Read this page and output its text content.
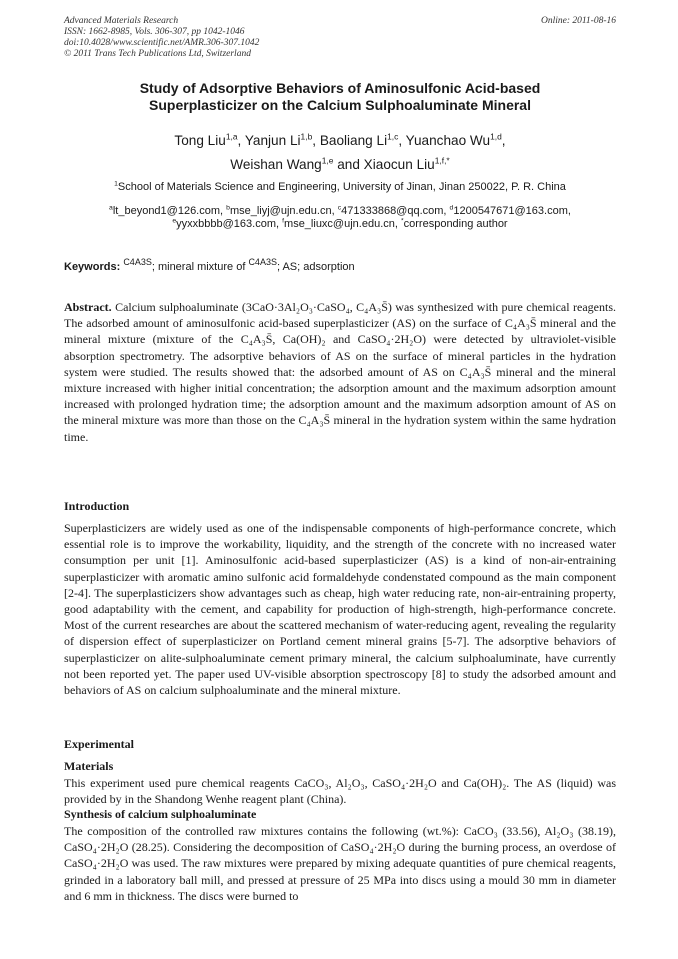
Advanced Materials Research
ISSN: 1662-8985, Vols. 306-307, pp 1042-1046
doi:10.4028/www.scientific.net/AMR.306-307.1042
© 2011 Trans Tech Publications Ltd, Switzerland
Online: 2011-08-16
Study of Adsorptive Behaviors of Aminosulfonic Acid-based
Superplasticizer on the Calcium Sulphoaluminate Mineral
Tong Liu$^{1,a}$, Yanjun Li$^{1,b}$, Baoliang Li$^{1,c}$, Yuanchao Wu$^{1,d}$,
Weishan Wang$^{1,e}$ and Xiaocun Liu$^{1,f,*}$
$^1$School of Materials Science and Engineering, University of Jinan, Jinan 250022, P. R. China
$^a$lt_beyond1@126.com, $^b$mse_liyj@ujn.edu.cn, $^c$471333868@qq.com, $^d$1200547671@163.com,
$^e$yyxxbbbb@163.com, $^f$mse_liuxc@ujn.edu.cn, *corresponding author
Keywords: $^{C4A3S}$; mineral mixture of $^{C4A3S}$; AS; adsorption
Abstract. Calcium sulphoaluminate (3CaO·3Al₂O₃·CaSO₄, C₄A₃S̄) was synthesized with pure chemical reagents. The adsorbed amount of aminosulfonic acid-based superplasticizer (AS) on the surface of C₄A₃S̄ mineral and the mineral mixture (mixture of the C₄A₃S̄, Ca(OH)₂ and CaSO₄·2H₂O) were detected by ultraviolet-visible absorption spectrometry. The adsorptive behaviors of AS on the surface of mineral particles in the hydration system were studied. The results showed that: the adsorbed amount of AS on C₄A₃S̄ mineral and the mineral mixture increased with higher initial concentration; the adsorption amount and the maximum adsorption amount increased with prolonged hydration time; the adsorption amount and the maximum adsorption amount of AS on the mineral mixture was more than those on the C₄A₃S̄ mineral in the hydration system within the same hydration time.
Introduction
Superplasticizers are widely used as one of the indispensable components of high-performance concrete, which essential role is to improve the workability, liquidity, and the strength of the concrete with no increased water consumption per unit [1]. Aminosulfonic acid-based superplasticizer (AS) is a kind of non-air-entraining superplasticizer with aromatic amino sulfonic acid formaldehyde condenstated compound as the main component [2-4]. The superplasticizers show advantages such as cheap, high water reducing rate, non-air-entraining property, good adaptability with the cement, and capability for production of high-strength, high-performance concrete. Most of the current researches are about the scattered mechanism of water-reducing agent, revealing the regularity of dispersion effect of superplasticizer on Portland cement mineral grains [5-7]. The adsorptive behaviors of superplasticizer on alite-sulphoaluminate cement primary mineral, the calcium sulphoaluminate, have currently not been reported yet. The paper used UV-visible absorption spectroscopy [8] to study the adsorbed amount and behaviors of AS on calcium sulphoaluminate and the mineral mixture.
Experimental
Materials
This experiment used pure chemical reagents CaCO₃, Al₂O₃, CaSO₄·2H₂O and Ca(OH)₂. The AS (liquid) was provided by in the Shandong Wenhe reagent plant (China).
Synthesis of calcium sulphoaluminate
The composition of the controlled raw mixtures contains the following (wt.%): CaCO₃ (33.56), Al₂O₃ (38.19), CaSO₄·2H₂O (28.25). Considering the decomposition of CaSO₄·2H₂O during the burning process, an overdose of CaSO₄·2H₂O was used. The raw mixtures were prepared by mixing adequate quantities of pure chemical reagents, grinded in a laboratory ball mill, and pressed at pressure of 25 MPa into discs using a mould 30 mm in diameter and 6 mm in thickness. The discs were burned to
